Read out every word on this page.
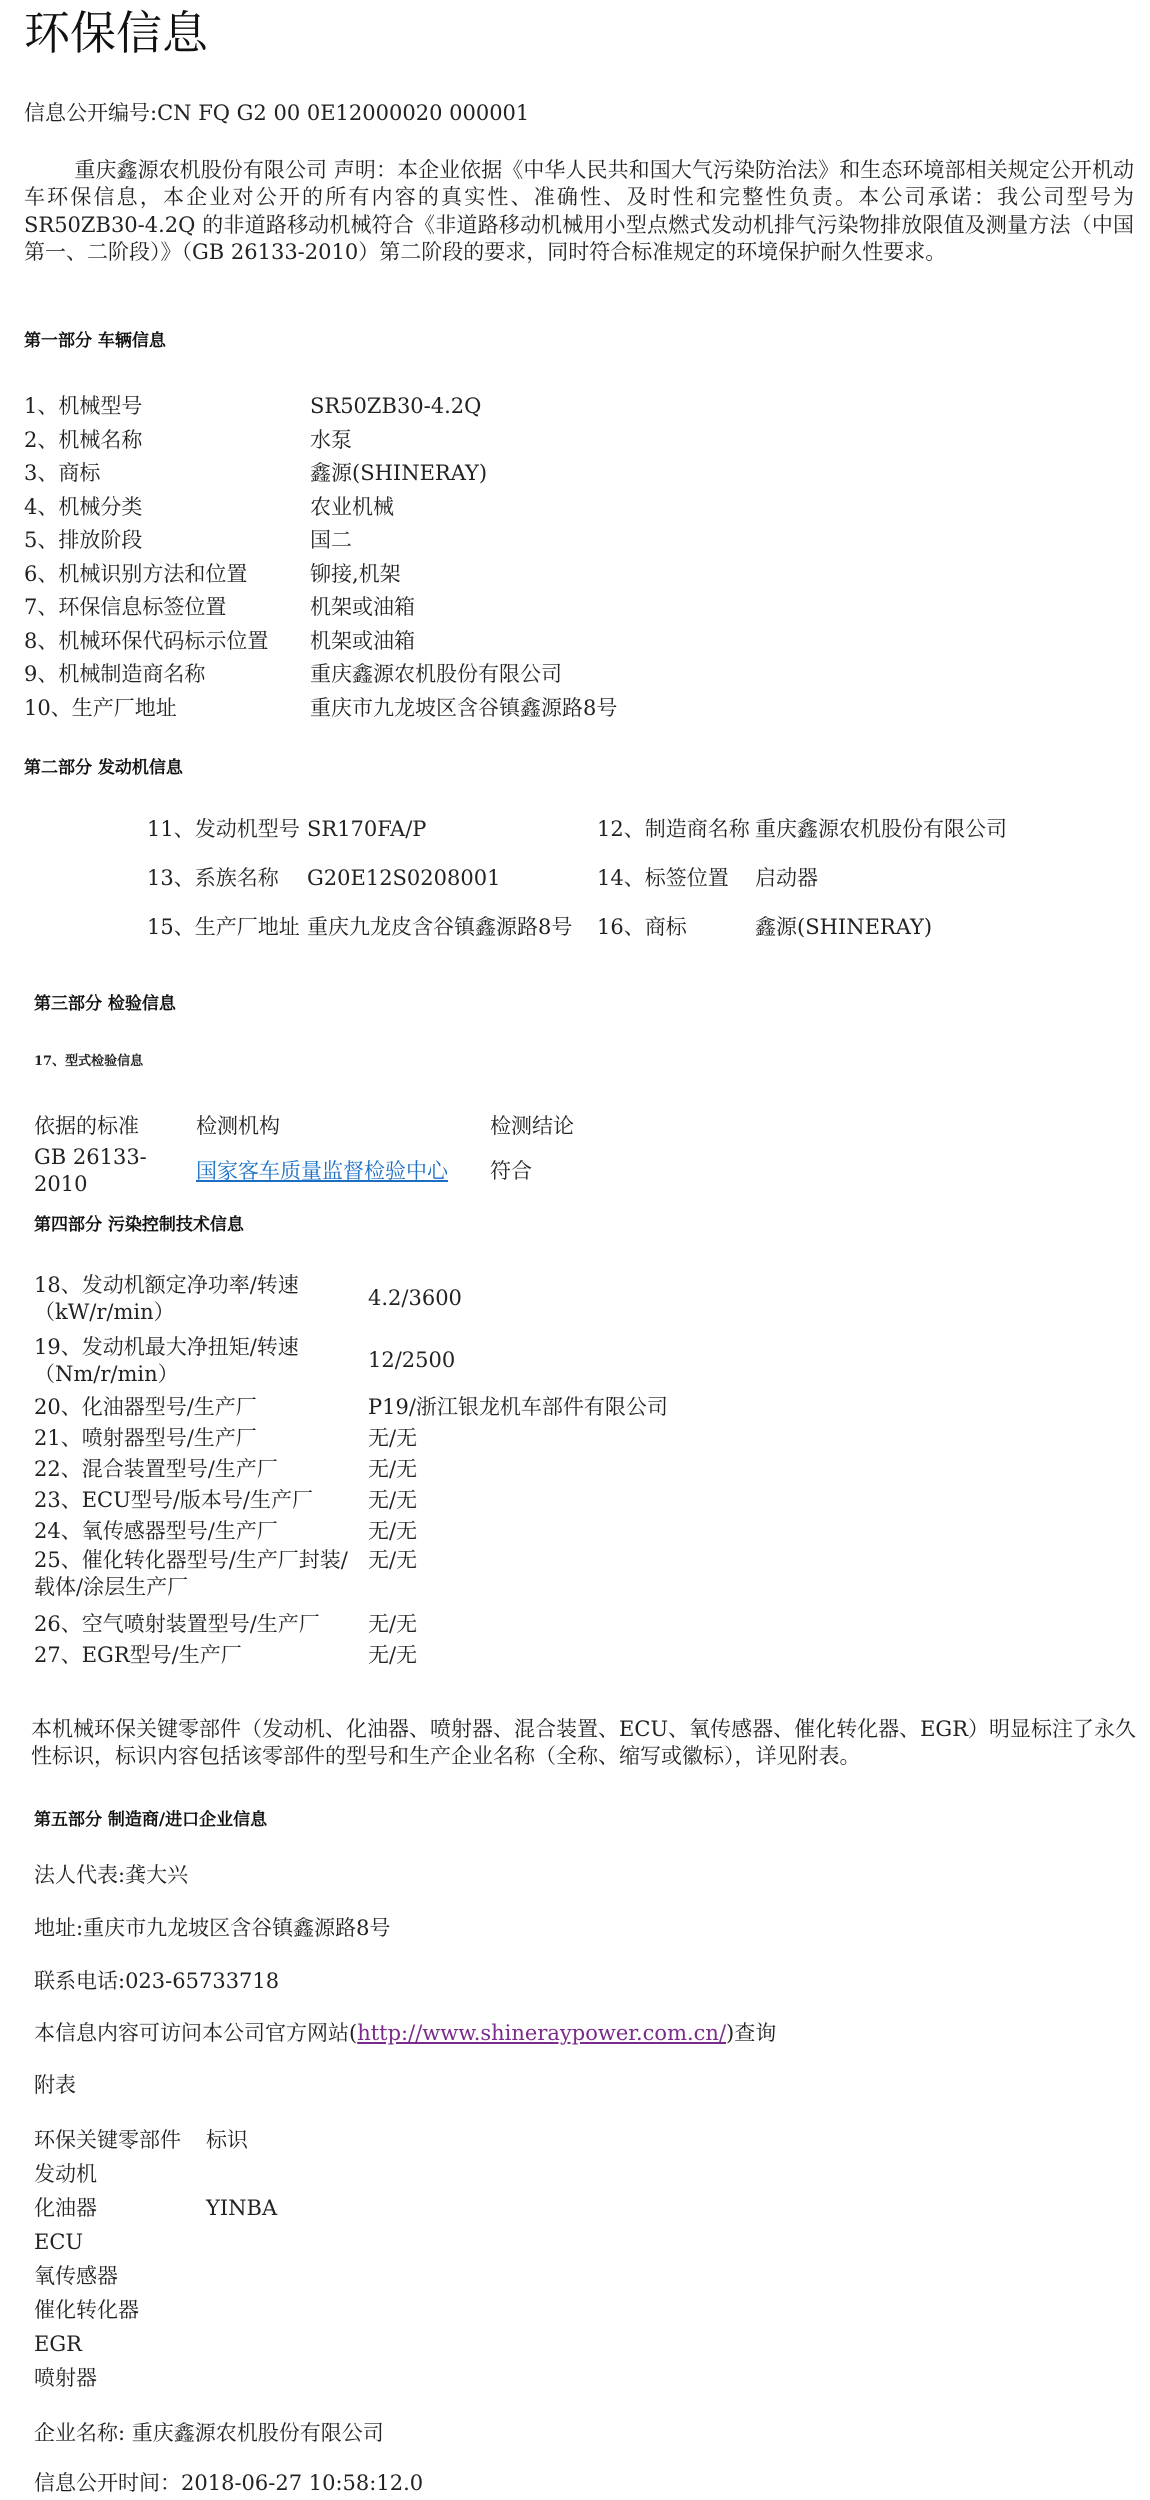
环保信息
信息公开编号:CN FQ G2 00 0E12000020 000001

重庆鑫源农机股份有限公司 声明：本企业依据《中华人民共和国大气污染防治法》和生态环境部相关规定公开机动车环保信息，本企业对公开的所有内容的真实性、准确性、及时性和完整性负责。本公司承诺：我公司型号为SR50ZB30-4.2Q 的非道路移动机械符合《非道路移动机械用小型点燃式发动机排气污染物排放限值及测量方法（中国第一、二阶段）》（GB 26133-2010）第二阶段的要求，同时符合标准规定的环境保护耐久性要求。

第一部分 车辆信息
1、机械型号	SR50ZB30-4.2Q
2、机械名称	水泵
3、商标	鑫源(SHINERAY)
4、机械分类	农业机械
5、排放阶段	国二
6、机械识别方法和位置	铆接,机架
7、环保信息标签位置	机架或油箱
8、机械环保代码标示位置	机架或油箱
9、机械制造商名称	重庆鑫源农机股份有限公司
10、生产厂地址	重庆市九龙坡区含谷镇鑫源路8号
第二部分 发动机信息
11、发动机型号	SR170FA/P	12、制造商名称	重庆鑫源农机股份有限公司
13、系族名称	G20E12S0208001	14、标签位置	启动器
15、生产厂地址	重庆九龙皮含谷镇鑫源路8号	16、商标	鑫源(SHINERAY)
第三部分 检验信息
17、型式检验信息
依据的标准	检测机构	检测结论
GB 26133-2010	国家客车质量监督检验中心	符合
第四部分 污染控制技术信息
18、发动机额定净功率/转速（kW/r/min）	4.2/3600
19、发动机最大净扭矩/转速（Nm/r/min）	12/2500
20、化油器型号/生产厂	P19/浙江银龙机车部件有限公司
21、喷射器型号/生产厂	无/无
22、混合装置型号/生产厂	无/无
23、ECU型号/版本号/生产厂	无/无
24、氧传感器型号/生产厂	无/无
25、催化转化器型号/生产厂封装/载体/涂层生产厂	无/无
26、空气喷射装置型号/生产厂	无/无
27、EGR型号/生产厂	无/无

本机械环保关键零部件（发动机、化油器、喷射器、混合装置、ECU、氧传感器、催化转化器、EGR）明显标注了永久性标识，标识内容包括该零部件的型号和生产企业名称（全称、缩写或徽标），详见附表。

第五部分 制造商/进口企业信息
法人代表:龚大兴
地址:重庆市九龙坡区含谷镇鑫源路8号
联系电话:023-65733718
本信息内容可访问本公司官方网站(http://www.shineraypower.com.cn/)查询
附表
环保关键零部件	标识
发动机	
化油器	YINBA
ECU	
氧传感器	
催化转化器	
EGR	
喷射器	
企业名称: 重庆鑫源农机股份有限公司
信息公开时间：2018-06-27 10:58:12.0
